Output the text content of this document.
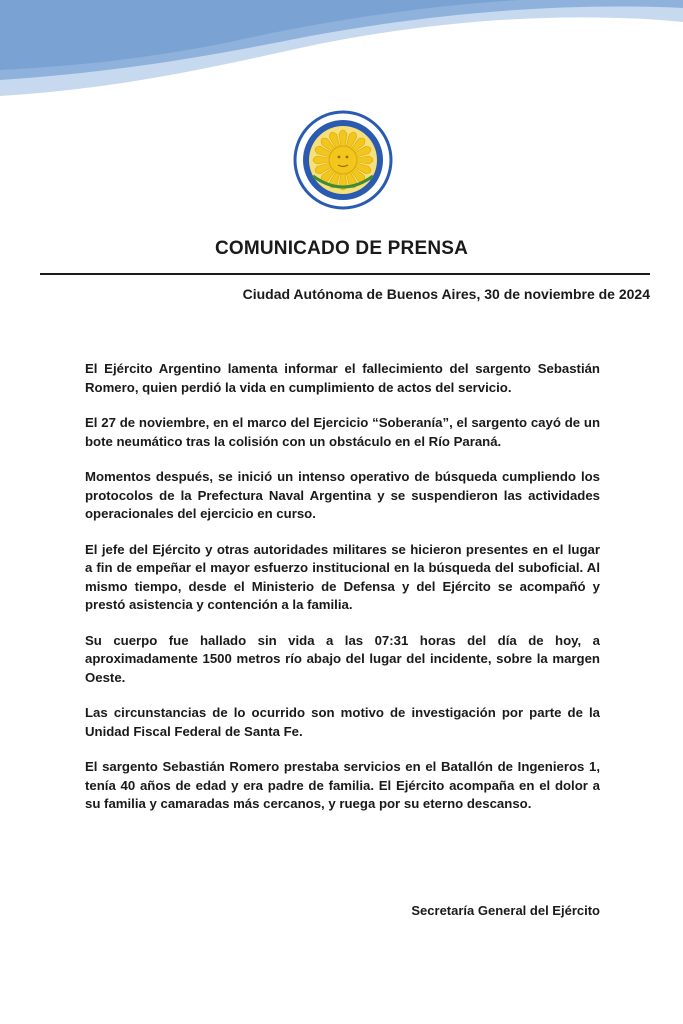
COMUNICADO DE PRENSA
Ciudad Autónoma de Buenos Aires, 30 de noviembre de 2024

El Ejército Argentino lamenta informar el fallecimiento del sargento Sebastián Romero, quien perdió la vida en cumplimiento de actos del servicio.

El 27 de noviembre, en el marco del Ejercicio “Soberanía”, el sargento cayó de un bote neumático tras la colisión con un obstáculo en el Río Paraná.

Momentos después, se inició un intenso operativo de búsqueda cumpliendo los protocolos de la Prefectura Naval Argentina y se suspendieron las actividades operacionales del ejercicio en curso.

El jefe del Ejército y otras autoridades militares se hicieron presentes en el lugar a fin de empeñar el mayor esfuerzo institucional en la búsqueda del suboficial. Al mismo tiempo, desde el Ministerio de Defensa y del Ejército se acompañó y prestó asistencia y contención a la familia.

Su cuerpo fue hallado sin vida a las 07:31 horas del día de hoy, a aproximadamente 1500 metros río abajo del lugar del incidente, sobre la margen Oeste.

Las circunstancias de lo ocurrido son motivo de investigación por parte de la Unidad Fiscal Federal de Santa Fe.

El sargento Sebastián Romero prestaba servicios en el Batallón de Ingenieros 1, tenía 40 años de edad y era padre de familia. El Ejército acompaña en el dolor a su familia y camaradas más cercanos, y ruega por su eterno descanso.

Secretaría General del Ejército
